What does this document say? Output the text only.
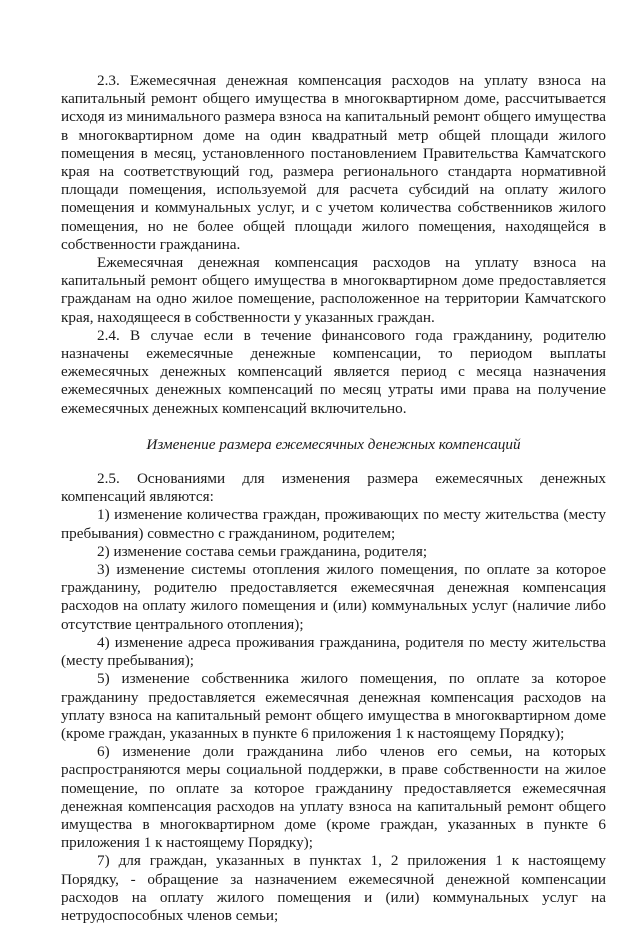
2.3. Ежемесячная денежная компенсация расходов на уплату взноса на капитальный ремонт общего имущества в многоквартирном доме, рассчитывается исходя из минимального размера взноса на капитальный ремонт общего имущества в многоквартирном доме на один квадратный метр общей площади жилого помещения в месяц, установленного постановлением Правительства Камчатского края на соответствующий год, размера регионального стандарта нормативной площади помещения, используемой для расчета субсидий на оплату жилого помещения и коммунальных услуг, и с учетом количества собственников жилого помещения, но не более общей площади жилого помещения, находящейся в собственности гражданина.

Ежемесячная денежная компенсация расходов на уплату взноса на капитальный ремонт общего имущества в многоквартирном доме предоставляется гражданам на одно жилое помещение, расположенное на территории Камчатского края, находящееся в собственности у указанных граждан.

2.4. В случае если в течение финансового года гражданину, родителю назначены ежемесячные денежные компенсации, то периодом выплаты ежемесячных денежных компенсаций является период с месяца назначения ежемесячных денежных компенсаций по месяц утраты ими права на получение ежемесячных денежных компенсаций включительно.

Изменение размера ежемесячных денежных компенсаций

2.5. Основаниями для изменения размера ежемесячных денежных компенсаций являются:

1) изменение количества граждан, проживающих по месту жительства (месту пребывания) совместно с гражданином, родителем;

2) изменение состава семьи гражданина, родителя;

3) изменение системы отопления жилого помещения, по оплате за которое гражданину, родителю предоставляется ежемесячная денежная компенсация расходов на оплату жилого помещения и (или) коммунальных услуг (наличие либо отсутствие центрального отопления);

4) изменение адреса проживания гражданина, родителя по месту жительства (месту пребывания);

5) изменение собственника жилого помещения, по оплате за которое гражданину предоставляется ежемесячная денежная компенсация расходов на уплату взноса на капитальный ремонт общего имущества в многоквартирном доме (кроме граждан, указанных в пункте 6 приложения 1 к настоящему Порядку);

6) изменение доли гражданина либо членов его семьи, на которых распространяются меры социальной поддержки, в праве собственности на жилое помещение, по оплате за которое гражданину предоставляется ежемесячная денежная компенсация расходов на уплату взноса на капитальный ремонт общего имущества в многоквартирном доме (кроме граждан, указанных в пункте 6 приложения 1 к настоящему Порядку);

7) для граждан, указанных в пунктах 1, 2 приложения 1 к настоящему Порядку, - обращение за назначением ежемесячной денежной компенсации расходов на оплату жилого помещения и (или) коммунальных услуг на нетрудоспособных членов семьи;
